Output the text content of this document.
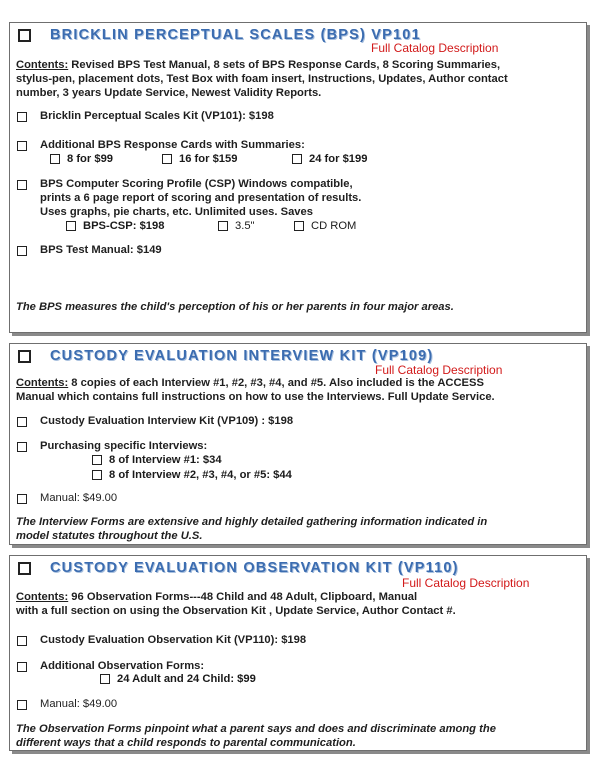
BRICKLIN PERCEPTUAL SCALES (BPS) VP101
Full Catalog Description
Contents: Revised BPS Test Manual, 8 sets of BPS Response Cards, 8 Scoring Summaries,
stylus-pen, placement dots, Test Box with foam insert, Instructions, Updates, Author contact
number, 3 years Update Service, Newest Validity Reports.
Bricklin Perceptual Scales Kit (VP101): $198
Additional BPS Response Cards with Summaries:
8 for $99	16 for $159	24 for $199
BPS Computer Scoring Profile (CSP) Windows compatible,
prints a 6 page report of scoring and presentation of results.
Uses graphs, pie charts, etc. Unlimited uses. Saves
BPS-CSP: $198	3.5"	CD ROM
BPS Test Manual: $149
The BPS measures the child's perception of his or her parents in four major areas.
CUSTODY EVALUATION INTERVIEW KIT (VP109)
Full Catalog Description
Contents: 8 copies of each Interview #1, #2, #3, #4, and #5. Also included is the ACCESS
Manual which contains full instructions on how to use the Interviews. Full Update Service.
Custody Evaluation Interview Kit (VP109) : $198
Purchasing specific Interviews:
8 of Interview #1: $34
8 of Interview #2, #3, #4, or #5: $44
Manual: $49.00
The Interview Forms are extensive and highly detailed gathering information indicated in
model statutes throughout the U.S.
CUSTODY EVALUATION OBSERVATION KIT (VP110)
Full Catalog Description
Contents: 96 Observation Forms---48 Child and 48 Adult, Clipboard, Manual
with a full section on using the Observation Kit , Update Service, Author Contact #.
Custody Evaluation Observation Kit (VP110): $198
Additional Observation Forms:
24 Adult and 24 Child: $99
Manual: $49.00
The Observation Forms pinpoint what a parent says and does and discriminate among the
different ways that a child responds to parental communication.
